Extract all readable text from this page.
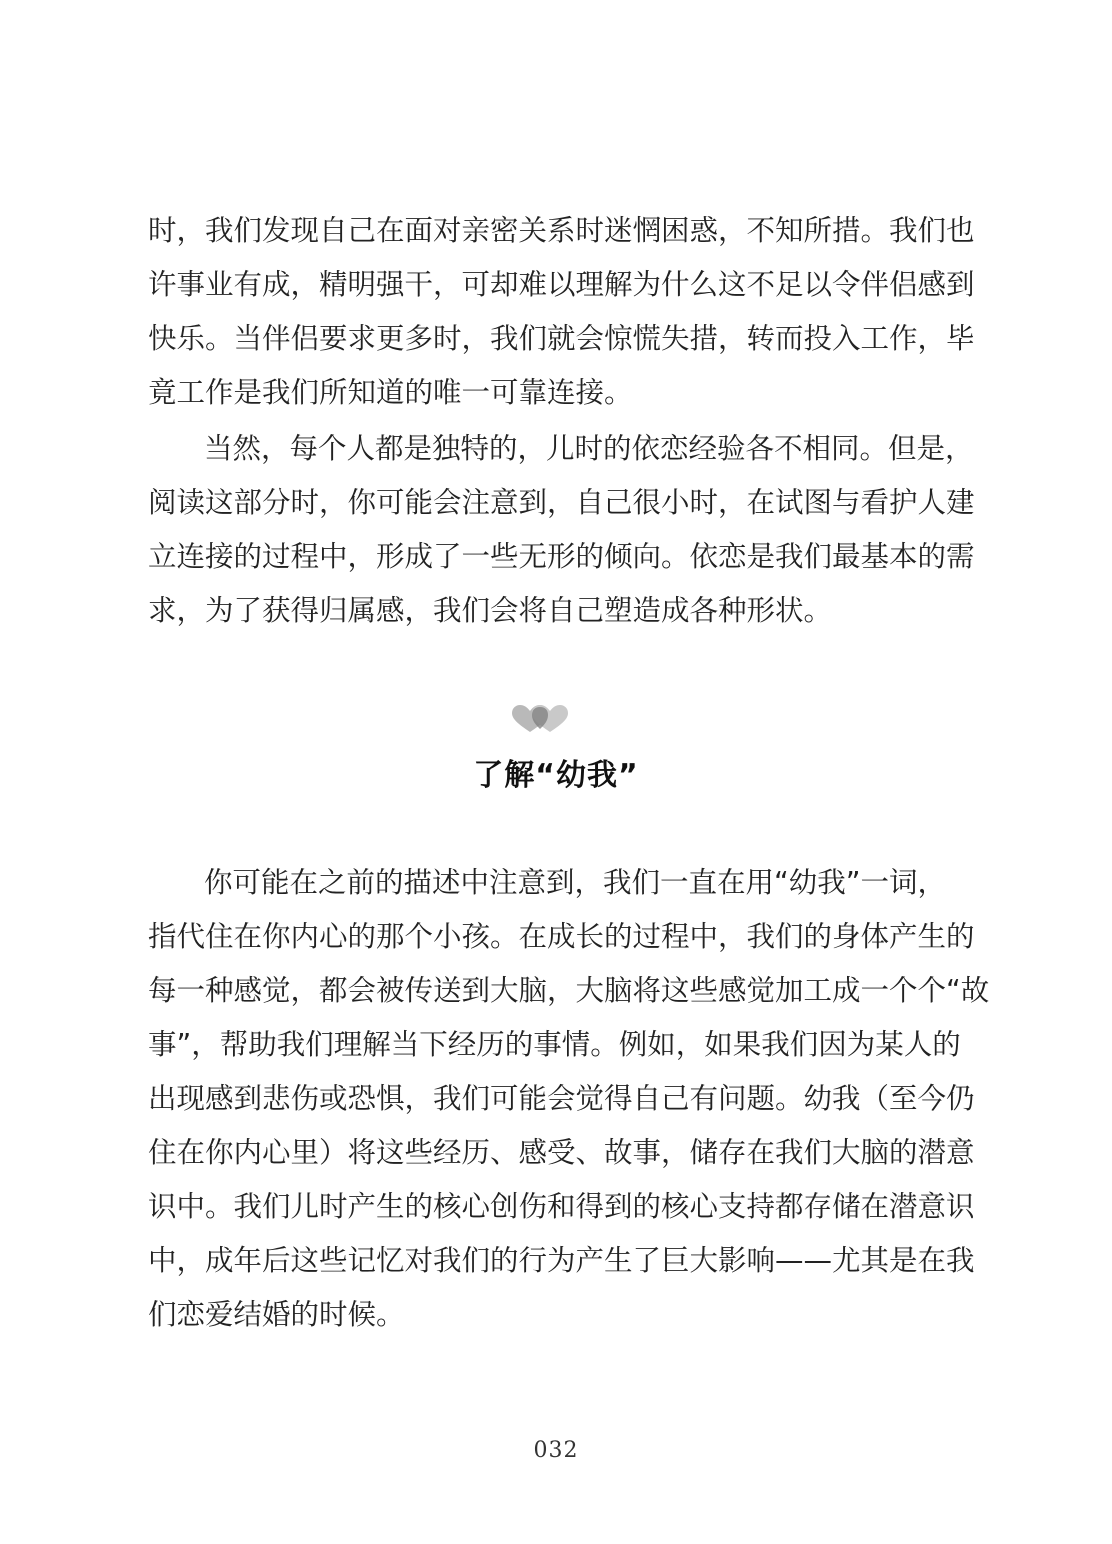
时，我们发现自己在面对亲密关系时迷惘困惑，不知所措。我们也
许事业有成，精明强干，可却难以理解为什么这不足以令伴侣感到
快乐。当伴侣要求更多时，我们就会惊慌失措，转而投入工作，毕
竟工作是我们所知道的唯一可靠连接。
当然，每个人都是独特的，儿时的依恋经验各不相同。但是，
阅读这部分时，你可能会注意到，自己很小时，在试图与看护人建
立连接的过程中，形成了一些无形的倾向。依恋是我们最基本的需
求，为了获得归属感，我们会将自己塑造成各种形状。
了解“幼我”
你可能在之前的描述中注意到，我们一直在用“幼我”一词，
指代住在你内心的那个小孩。在成长的过程中，我们的身体产生的
每一种感觉，都会被传送到大脑，大脑将这些感觉加工成一个个“故
事”，帮助我们理解当下经历的事情。例如，如果我们因为某人的
出现感到悲伤或恐惧，我们可能会觉得自己有问题。幼我（至今仍
住在你内心里）将这些经历、感受、故事，储存在我们大脑的潜意
识中。我们儿时产生的核心创伤和得到的核心支持都存储在潜意识
中，成年后这些记忆对我们的行为产生了巨大影响——尤其是在我
们恋爱结婚的时候。
032
